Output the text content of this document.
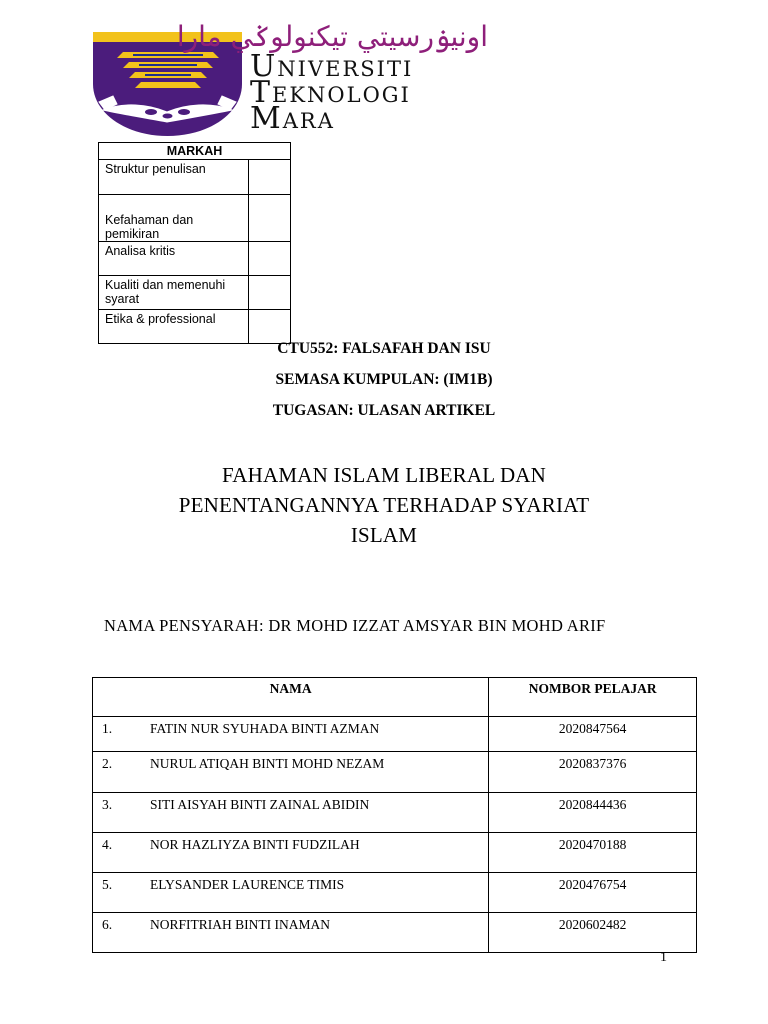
اونيۏرسيتي تيكنولوݢي مارا
Universiti
Teknologi
Mara
MARKAH	
Struktur penulisan	
Kefahaman dan pemikiran	
Analisa kritis	
Kualiti dan memenuhi syarat	
Etika & professional	
CTU552: FALSAFAH DAN ISU
SEMASA KUMPULAN: (IM1B)
TUGASAN: ULASAN ARTIKEL
FAHAMAN ISLAM LIBERAL DAN
PENENTANGANNYA TERHADAP SYARIAT
ISLAM
NAMA PENSYARAH: DR MOHD IZZAT AMSYAR BIN MOHD ARIF
NAMA	NOMBOR PELAJAR

1. FATIN NUR SYUHADA BINTI AZMAN	2020847564

2. NURUL ATIQAH BINTI MOHD NEZAM	2020837376

3. SITI AISYAH BINTI ZAINAL ABIDIN	2020844436

4. NOR HAZLIYZA BINTI FUDZILAH	2020470188

5. ELYSANDER LAURENCE TIMIS	2020476754

6. NORFITRIAH BINTI INAMAN	2020602482
1
